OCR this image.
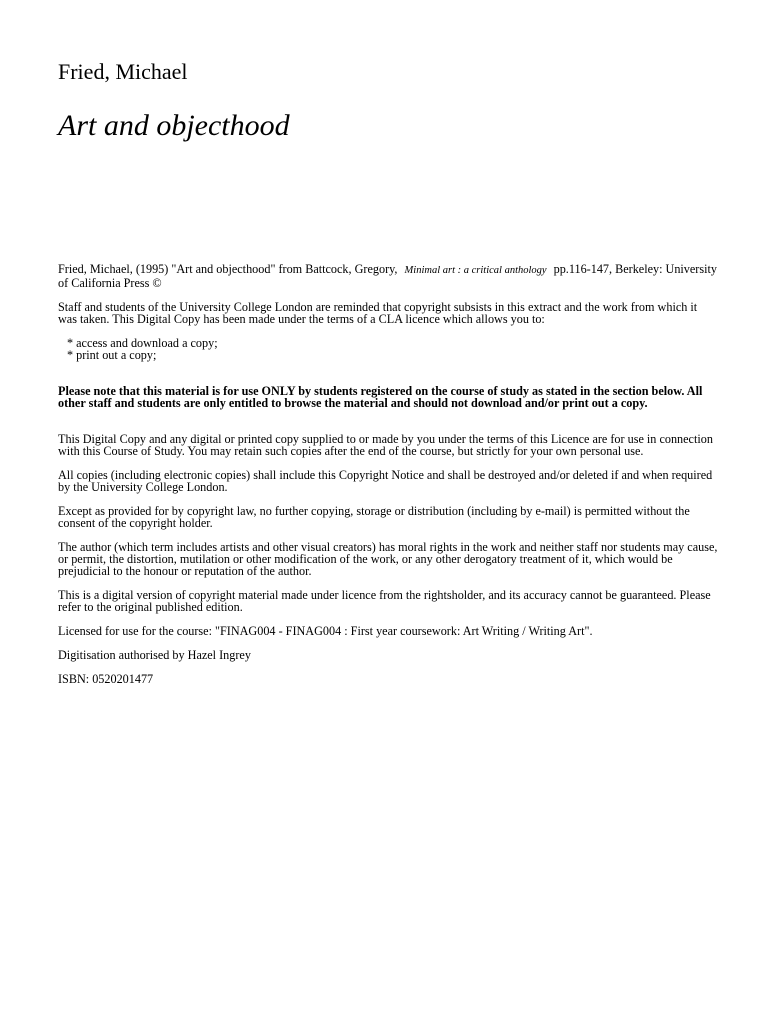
Fried, Michael
Art and objecthood

Fried, Michael, (1995) "Art and objecthood" from Battcock, Gregory, Minimal art : a critical anthology pp.116-147, Berkeley: University of California Press ©

Staff and students of the University College London are reminded that copyright subsists in this extract and the work from which it was taken. This Digital Copy has been made under the terms of a CLA licence which allows you to:

* access and download a copy;
* print out a copy;

Please note that this material is for use ONLY by students registered on the course of study as stated in the section below. All other staff and students are only entitled to browse the material and should not download and/or print out a copy.

This Digital Copy and any digital or printed copy supplied to or made by you under the terms of this Licence are for use in connection with this Course of Study. You may retain such copies after the end of the course, but strictly for your own personal use.

All copies (including electronic copies) shall include this Copyright Notice and shall be destroyed and/or deleted if and when required by the University College London.

Except as provided for by copyright law, no further copying, storage or distribution (including by e-mail) is permitted without the consent of the copyright holder.

The author (which term includes artists and other visual creators) has moral rights in the work and neither staff nor students may cause, or permit, the distortion, mutilation or other modification of the work, or any other derogatory treatment of it, which would be prejudicial to the honour or reputation of the author.

This is a digital version of copyright material made under licence from the rightsholder, and its accuracy cannot be guaranteed. Please refer to the original published edition.

Licensed for use for the course: "FINAG004 - FINAG004 : First year coursework: Art Writing / Writing Art".

Digitisation authorised by Hazel Ingrey

ISBN: 0520201477
